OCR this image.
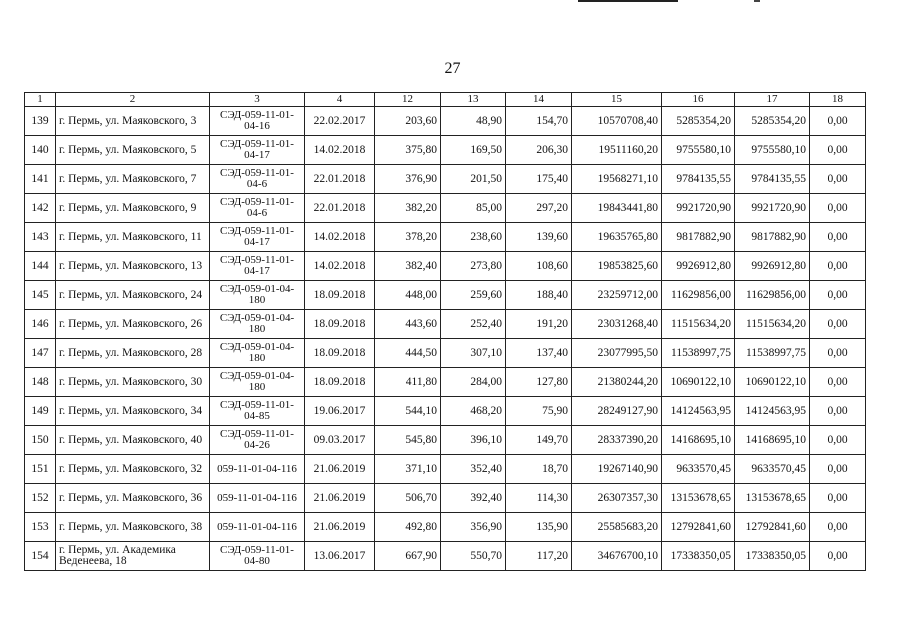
27
1	2	3	4	12	13	14	15	16	17	18
139	г. Пермь, ул. Маяковского, 3	СЭД-059-11-01-04-16	22.02.2017	203,60	48,90	154,70	10570708,40	5285354,20	5285354,20	0,00
140	г. Пермь, ул. Маяковского, 5	СЭД-059-11-01-04-17	14.02.2018	375,80	169,50	206,30	19511160,20	9755580,10	9755580,10	0,00
141	г. Пермь, ул. Маяковского, 7	СЭД-059-11-01-04-6	22.01.2018	376,90	201,50	175,40	19568271,10	9784135,55	9784135,55	0,00
142	г. Пермь, ул. Маяковского, 9	СЭД-059-11-01-04-6	22.01.2018	382,20	85,00	297,20	19843441,80	9921720,90	9921720,90	0,00
143	г. Пермь, ул. Маяковского, 11	СЭД-059-11-01-04-17	14.02.2018	378,20	238,60	139,60	19635765,80	9817882,90	9817882,90	0,00
144	г. Пермь, ул. Маяковского, 13	СЭД-059-11-01-04-17	14.02.2018	382,40	273,80	108,60	19853825,60	9926912,80	9926912,80	0,00
145	г. Пермь, ул. Маяковского, 24	СЭД-059-01-04-180	18.09.2018	448,00	259,60	188,40	23259712,00	11629856,00	11629856,00	0,00
146	г. Пермь, ул. Маяковского, 26	СЭД-059-01-04-180	18.09.2018	443,60	252,40	191,20	23031268,40	11515634,20	11515634,20	0,00
147	г. Пермь, ул. Маяковского, 28	СЭД-059-01-04-180	18.09.2018	444,50	307,10	137,40	23077995,50	11538997,75	11538997,75	0,00
148	г. Пермь, ул. Маяковского, 30	СЭД-059-01-04-180	18.09.2018	411,80	284,00	127,80	21380244,20	10690122,10	10690122,10	0,00
149	г. Пермь, ул. Маяковского, 34	СЭД-059-11-01-04-85	19.06.2017	544,10	468,20	75,90	28249127,90	14124563,95	14124563,95	0,00
150	г. Пермь, ул. Маяковского, 40	СЭД-059-11-01-04-26	09.03.2017	545,80	396,10	149,70	28337390,20	14168695,10	14168695,10	0,00
151	г. Пермь, ул. Маяковского, 32	059-11-01-04-116	21.06.2019	371,10	352,40	18,70	19267140,90	9633570,45	9633570,45	0,00
152	г. Пермь, ул. Маяковского, 36	059-11-01-04-116	21.06.2019	506,70	392,40	114,30	26307357,30	13153678,65	13153678,65	0,00
153	г. Пермь, ул. Маяковского, 38	059-11-01-04-116	21.06.2019	492,80	356,90	135,90	25585683,20	12792841,60	12792841,60	0,00
154	г. Пермь, ул. Академика Веденеева, 18	СЭД-059-11-01-04-80	13.06.2017	667,90	550,70	117,20	34676700,10	17338350,05	17338350,05	0,00
